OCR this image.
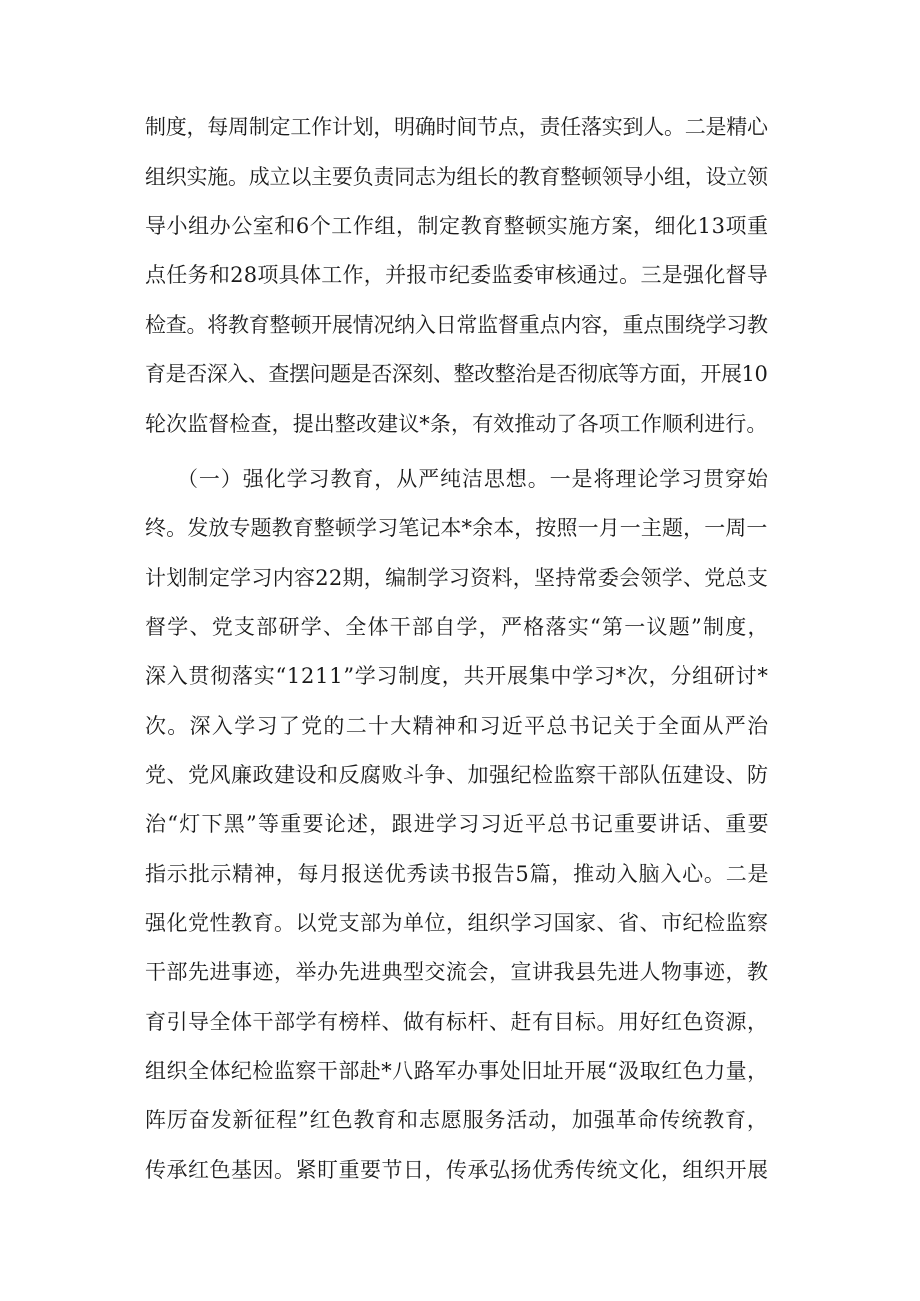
制度，每周制定工作计划，明确时间节点，责任落实到人。二是精心
组织实施。成立以主要负责同志为组长的教育整顿领导小组，设立领
导小组办公室和6个工作组，制定教育整顿实施方案，细化13项重
点任务和28项具体工作，并报市纪委监委审核通过。三是强化督导
检查。将教育整顿开展情况纳入日常监督重点内容，重点围绕学习教
育是否深入、查摆问题是否深刻、整改整治是否彻底等方面，开展10
轮次监督检查，提出整改建议*条，有效推动了各项工作顺利进行。
（一）强化学习教育，从严纯洁思想。一是将理论学习贯穿始
终。发放专题教育整顿学习笔记本*余本，按照一月一主题，一周一
计划制定学习内容22期，编制学习资料，坚持常委会领学、党总支
督学、党支部研学、全体干部自学，严格落实“第一议题”制度，
深入贯彻落实“1211”学习制度，共开展集中学习*次，分组研讨*
次。深入学习了党的二十大精神和习近平总书记关于全面从严治
党、党风廉政建设和反腐败斗争、加强纪检监察干部队伍建设、防
治“灯下黑”等重要论述，跟进学习习近平总书记重要讲话、重要
指示批示精神，每月报送优秀读书报告5篇，推动入脑入心。二是
强化党性教育。以党支部为单位，组织学习国家、省、市纪检监察
干部先进事迹，举办先进典型交流会，宣讲我县先进人物事迹，教
育引导全体干部学有榜样、做有标杆、赶有目标。用好红色资源，
组织全体纪检监察干部赴*八路军办事处旧址开展“汲取红色力量，
阵厉奋发新征程”红色教育和志愿服务活动，加强革命传统教育，
传承红色基因。紧盯重要节日，传承弘扬优秀传统文化，组织开展
